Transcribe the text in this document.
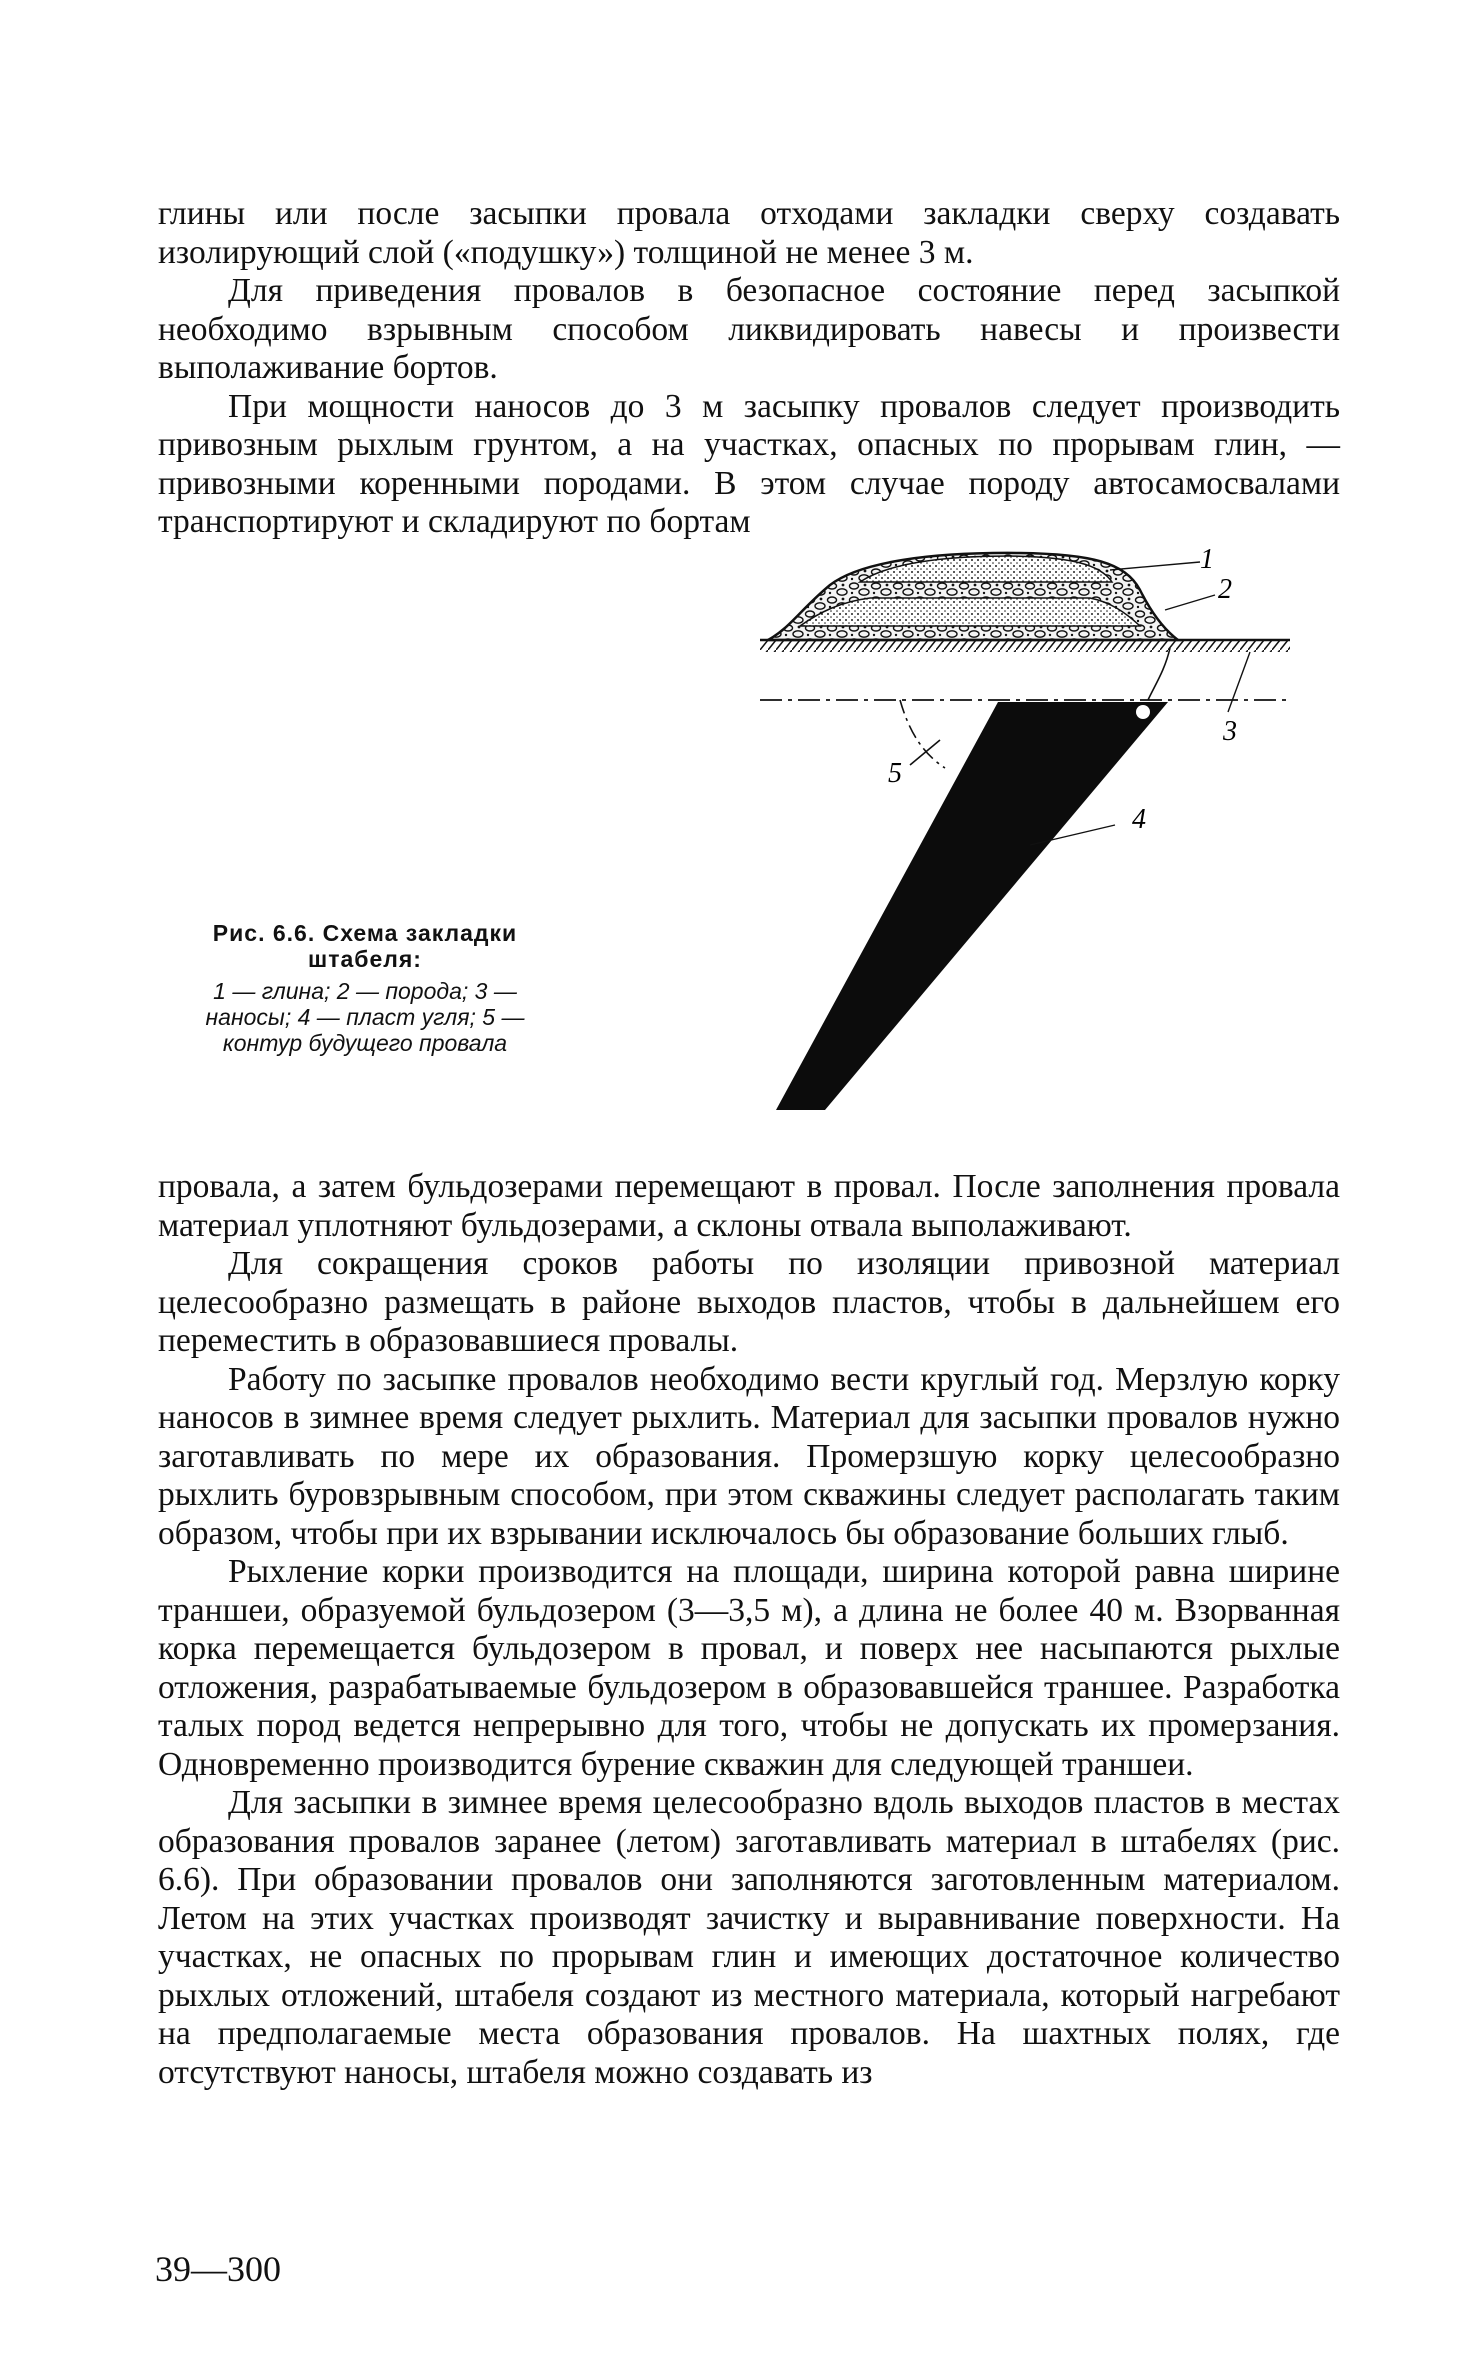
глины или после засыпки провала отходами закладки сверху создавать изолирующий слой («подушку») толщиной не менее 3 м.

Для приведения провалов в безопасное состояние перед засыпкой необходимо взрывным способом ликвидировать навесы и произвести выполаживание бортов.

При мощности наносов до 3 м засыпку провалов следует производить привозным рыхлым грунтом, а на участках, опасных по прорывам глин, — привозными коренными породами. В этом случае породу автосамосвалами транспортируют и складируют по бортам

1
2
3
4
5
Рис. 6.6. Схема закладки штабеля:
1 — глина; 2 — порода; 3 — наносы; 4 — пласт угля; 5 — контур будущего провала

провала, а затем бульдозерами перемещают в провал. После заполнения провала материал уплотняют бульдозерами, а склоны отвала выполаживают.

Для сокращения сроков работы по изоляции привозной материал целесообразно размещать в районе выходов пластов, чтобы в дальнейшем его переместить в образовавшиеся провалы.

Работу по засыпке провалов необходимо вести круглый год. Мерзлую корку наносов в зимнее время следует рыхлить. Материал для засыпки провалов нужно заготавливать по мере их образования. Промерзшую корку целесообразно рыхлить буровзрывным способом, при этом скважины следует располагать таким образом, чтобы при их взрывании исключалось бы образование больших глыб.

Рыхление корки производится на площади, ширина которой равна ширине траншеи, образуемой бульдозером (3—3,5 м), а длина не более 40 м. Взорванная корка перемещается бульдозером в провал, и поверх нее насыпаются рыхлые отложения, разрабатываемые бульдозером в образовавшейся траншее. Разработка талых пород ведется непрерывно для того, чтобы не допускать их промерзания. Одновременно производится бурение скважин для следующей траншеи.

Для засыпки в зимнее время целесообразно вдоль выходов пластов в местах образования провалов заранее (летом) заготавливать материал в штабелях (рис. 6.6). При образовании провалов они заполняются заготовленным материалом. Летом на этих участках производят зачистку и выравнивание поверхности. На участках, не опасных по прорывам глин и имеющих достаточное количество рыхлых отложений, штабеля создают из местного материала, который нагребают на предполагаемые места образования провалов. На шахтных полях, где отсутствуют наносы, штабеля можно создавать из

39—300
